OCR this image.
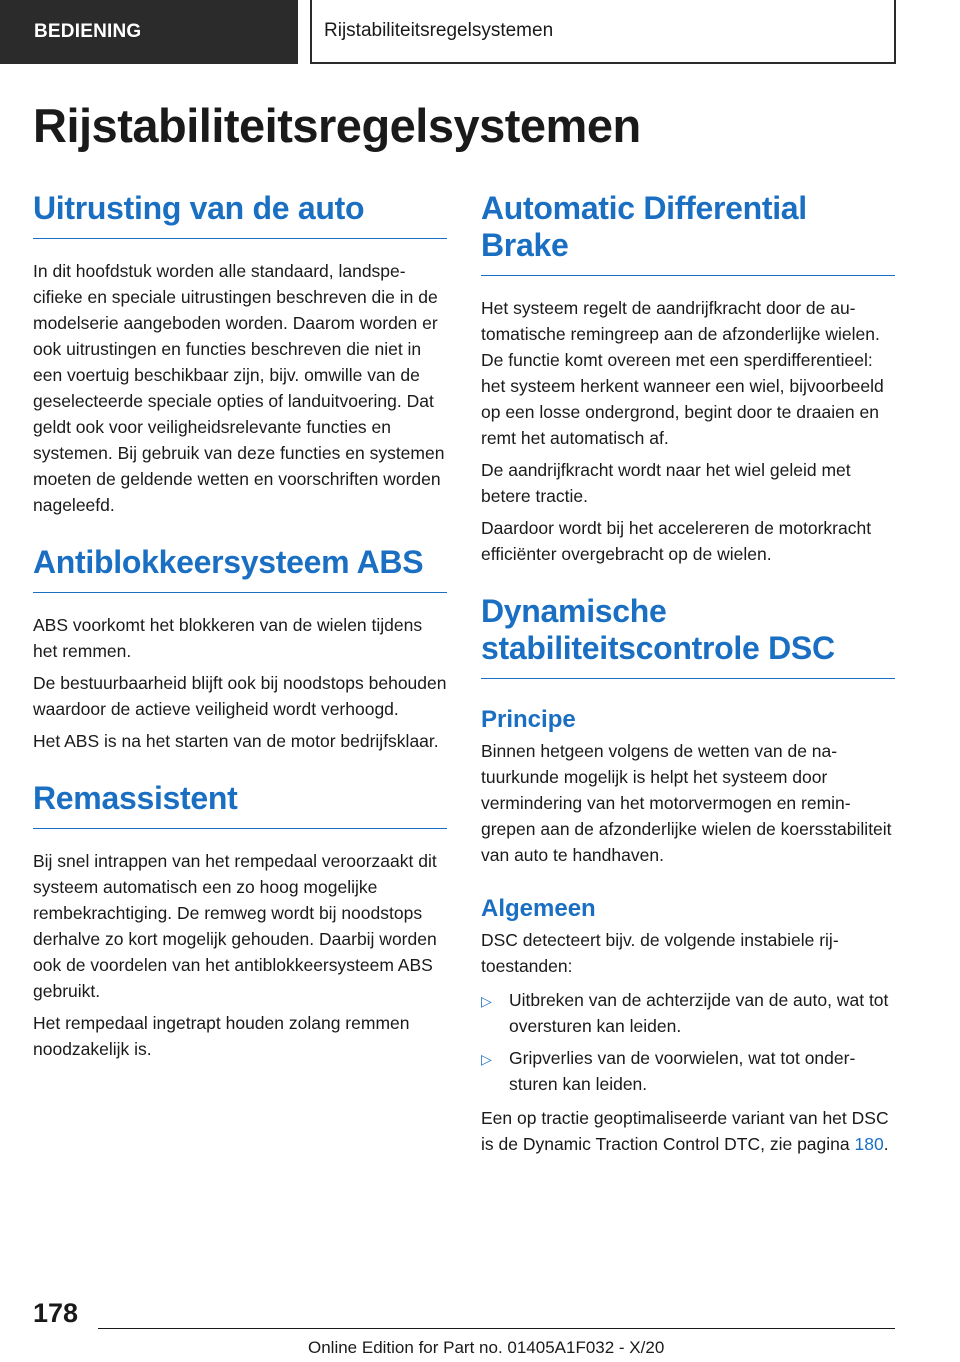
BEDIENING	Rijstabiliteitsregelsystemen
Rijstabiliteitsregelsystemen
Uitrusting van de auto

In dit hoofdstuk worden alle standaard, landspecifieke en speciale uitrustingen beschreven die in de modelserie aangeboden worden. Daarom worden er ook uitrustingen en functies beschreven die niet in een voertuig beschikbaar zijn, bijv. omwille van de geselecteerde speciale opties of landuitvoering. Dat geldt ook voor veiligheidsrelevante functies en systemen. Bij gebruik van deze functies en systemen moeten de geldende wetten en voorschriften worden nageleefd.

Antiblokkeersysteem ABS

ABS voorkomt het blokkeren van de wielen tijdens het remmen.

De bestuurbaarheid blijft ook bij noodstops behouden waardoor de actieve veiligheid wordt verhoogd.

Het ABS is na het starten van de motor bedrijfsklaar.

Remassistent

Bij snel intrappen van het rempedaal veroorzaakt dit systeem automatisch een zo hoog mogelijke rembekrachtiging. De remweg wordt bij noodstops derhalve zo kort mogelijk gehouden. Daarbij worden ook de voordelen van het antiblokkeersysteem ABS gebruikt.

Het rempedaal ingetrapt houden zolang remmen noodzakelijk is.

Automatic Differential Brake

Het systeem regelt de aandrijfkracht door de automatische remingreep aan de afzonderlijke wielen. De functie komt overeen met een sperdifferentieel: het systeem herkent wanneer een wiel, bijvoorbeeld op een losse ondergrond, begint door te draaien en remt het automatisch af.

De aandrijfkracht wordt naar het wiel geleid met betere tractie.

Daardoor wordt bij het accelereren de motorkracht efficiënter overgebracht op de wielen.

Dynamische stabiliteitscontrole DSC
Principe

Binnen hetgeen volgens de wetten van de natuurkunde mogelijk is helpt het systeem door vermindering van het motorvermogen en remingrepen aan de afzonderlijke wielen de koersstabiliteit van auto te handhaven.

Algemeen

DSC detecteert bijv. de volgende instabiele rijtoestanden:

▷ Uitbreken van de achterzijde van de auto, wat tot oversturen kan leiden.
▷ Gripverlies van de voorwielen, wat tot ondersturen kan leiden.

Een op tractie geoptimaliseerde variant van het DSC is de Dynamic Traction Control DTC, zie pagina 180.

178
Online Edition for Part no. 01405A1F032 - X/20
